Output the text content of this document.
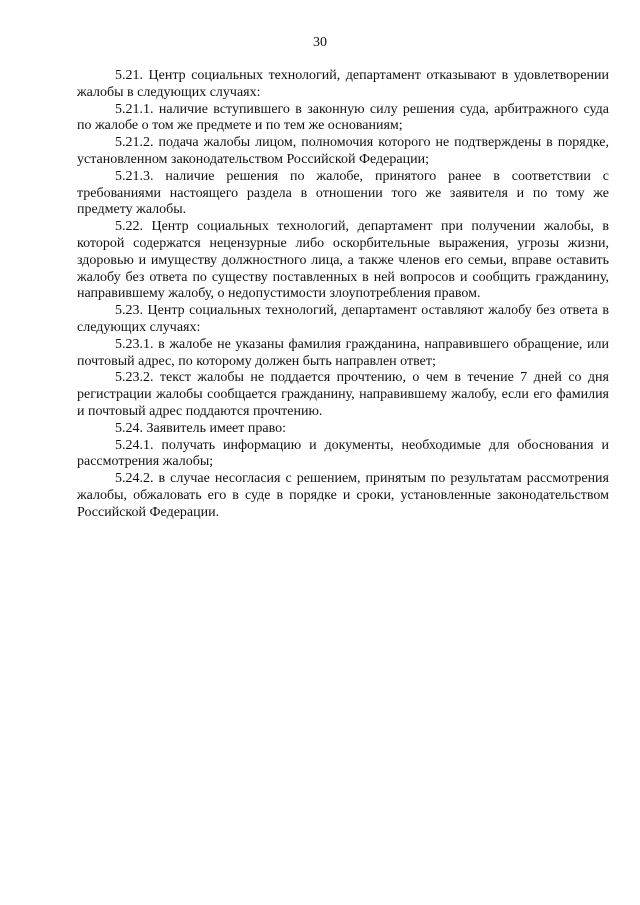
30

5.21. Центр социальных технологий, департамент отказывают в удовлетворении жалобы в следующих случаях:

5.21.1. наличие вступившего в законную силу решения суда, арбитражного суда по жалобе о том же предмете и по тем же основаниям;

5.21.2. подача жалобы лицом, полномочия которого не подтверждены в порядке, установленном законодательством Российской Федерации;

5.21.3. наличие решения по жалобе, принятого ранее в соответствии с требованиями настоящего раздела в отношении того же заявителя и по тому же предмету жалобы.

5.22. Центр социальных технологий, департамент при получении жалобы, в которой содержатся нецензурные либо оскорбительные выражения, угрозы жизни, здоровью и имуществу должностного лица, а также членов его семьи, вправе оставить жалобу без ответа по существу поставленных в ней вопросов и сообщить гражданину, направившему жалобу, о недопустимости злоупотребления правом.

5.23. Центр социальных технологий, департамент оставляют жалобу без ответа в следующих случаях:

5.23.1. в жалобе не указаны фамилия гражданина, направившего обращение, или почтовый адрес, по которому должен быть направлен ответ;

5.23.2. текст жалобы не поддается прочтению, о чем в течение 7 дней со дня регистрации жалобы сообщается гражданину, направившему жалобу, если его фамилия и почтовый адрес поддаются прочтению.

5.24. Заявитель имеет право:

5.24.1. получать информацию и документы, необходимые для обоснования и рассмотрения жалобы;

5.24.2. в случае несогласия с решением, принятым по результатам рассмотрения жалобы, обжаловать его в суде в порядке и сроки, установленные законодательством Российской Федерации.
